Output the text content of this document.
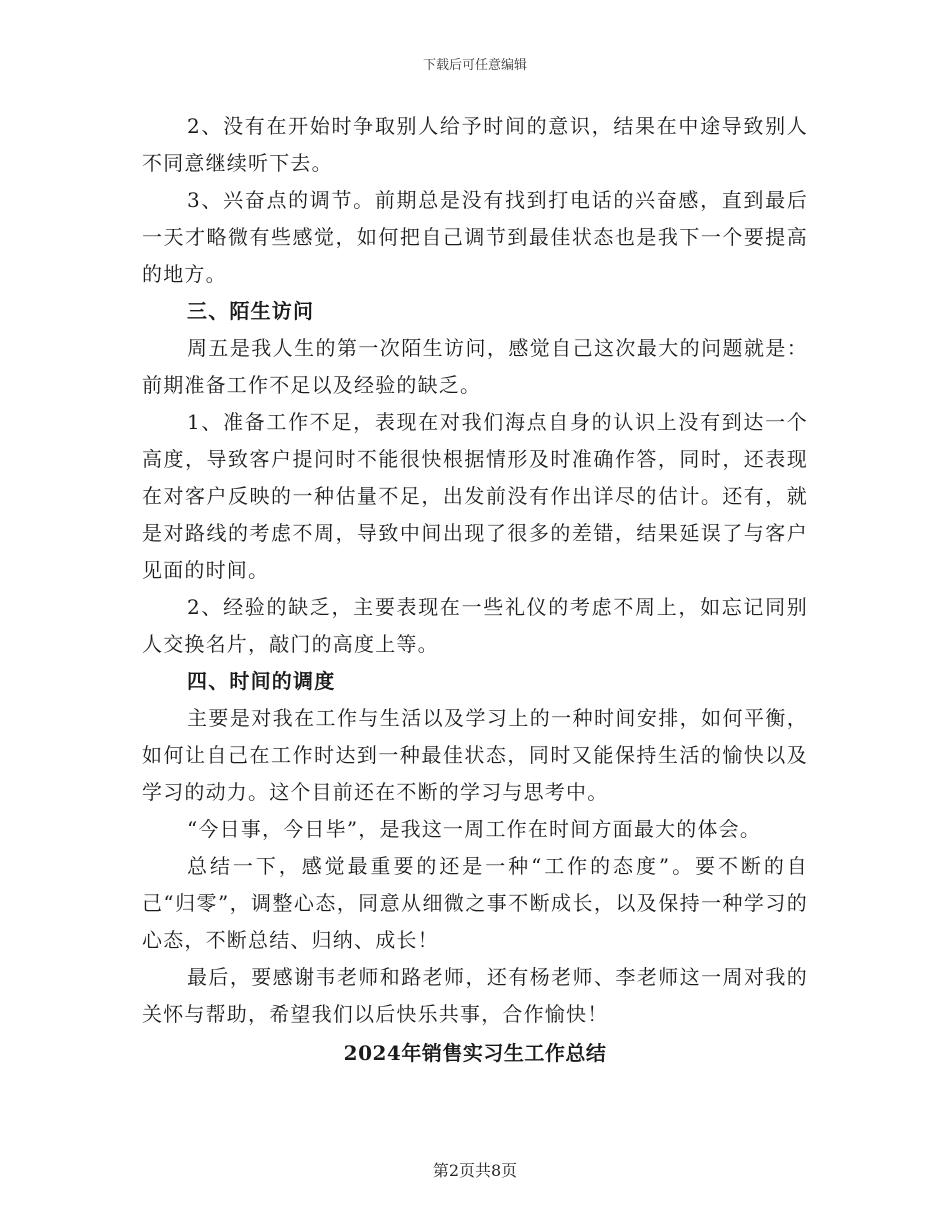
下载后可任意编辑

2、没有在开始时争取别人给予时间的意识，结果在中途导致别人不同意继续听下去。

3、兴奋点的调节。前期总是没有找到打电话的兴奋感，直到最后一天才略微有些感觉，如何把自己调节到最佳状态也是我下一个要提高的地方。

三、陌生访问

周五是我人生的第一次陌生访问，感觉自己这次最大的问题就是：前期准备工作不足以及经验的缺乏。

1、准备工作不足，表现在对我们海点自身的认识上没有到达一个高度，导致客户提问时不能很快根据情形及时准确作答，同时，还表现在对客户反映的一种估量不足，出发前没有作出详尽的估计。还有，就是对路线的考虑不周，导致中间出现了很多的差错，结果延误了与客户见面的时间。

2、经验的缺乏，主要表现在一些礼仪的考虑不周上，如忘记同别人交换名片，敲门的高度上等。

四、时间的调度

主要是对我在工作与生活以及学习上的一种时间安排，如何平衡，如何让自己在工作时达到一种最佳状态，同时又能保持生活的愉快以及学习的动力。这个目前还在不断的学习与思考中。

“今日事，今日毕”，是我这一周工作在时间方面最大的体会。

总结一下，感觉最重要的还是一种“工作的态度”。要不断的自己“归零”，调整心态，同意从细微之事不断成长，以及保持一种学习的心态，不断总结、归纳、成长！

最后，要感谢韦老师和路老师，还有杨老师、李老师这一周对我的关怀与帮助，希望我们以后快乐共事，合作愉快！

2024年销售实习生工作总结
第2页共8页
